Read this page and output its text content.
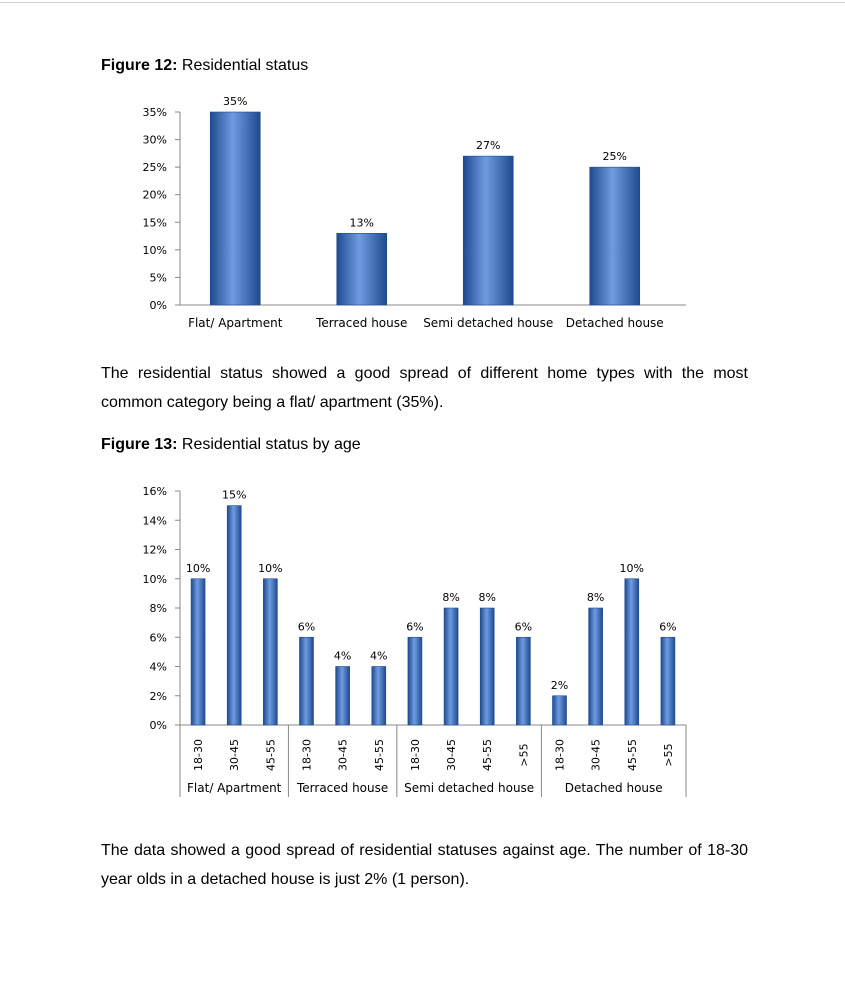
Figure 12: Residential status
0%
5%
10%
15%
20%
25%
30%
35%
35%
Flat/ Apartment
13%
Terraced house
27%
Semi detached house
25%
Detached house
The residential status showed a good spread of different home types with the most common category being a flat/ apartment (35%).
Figure 13: Residential status by age
0%
2%
4%
6%
8%
10%
12%
14%
16%
10%
18-30
15%
30-45
10%
45-55
Flat/ Apartment
6%
18-30
4%
30-45
4%
45-55
Terraced house
6%
18-30
8%
30-45
8%
45-55
6%
>55
Semi detached house
2%
18-30
8%
30-45
10%
45-55
6%
>55
Detached house
The data showed a good spread of residential statuses against age. The number of 18-30 year olds in a detached house is just 2% (1 person).
